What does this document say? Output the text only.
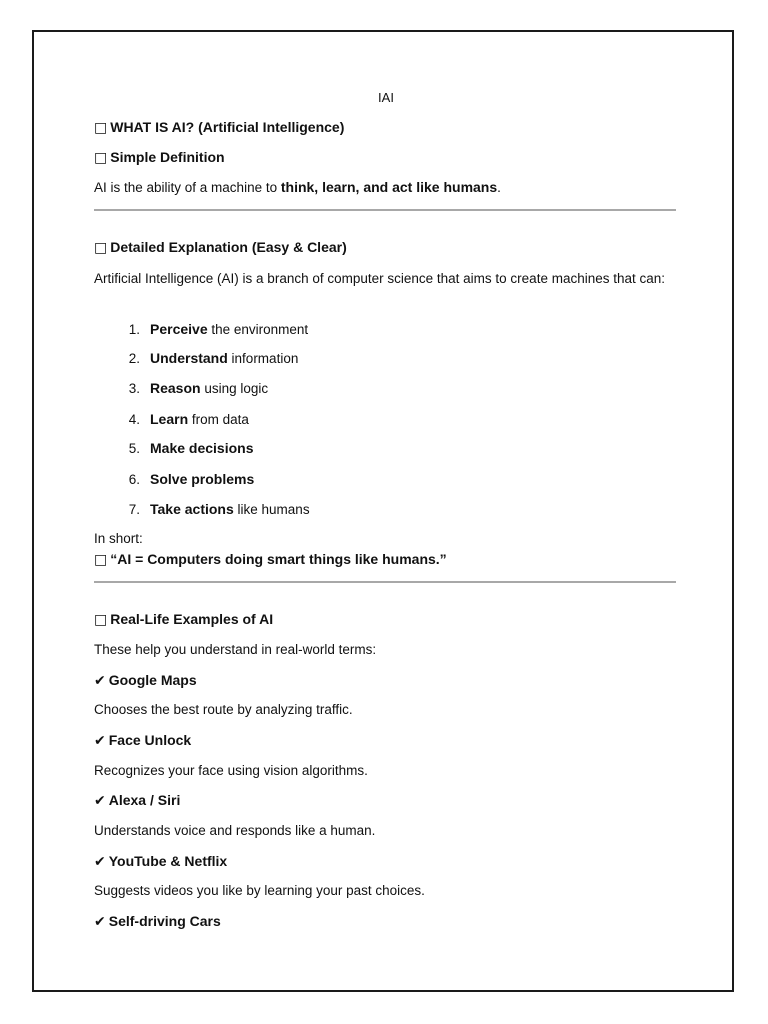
IAI
□ WHAT IS AI? (Artificial Intelligence)
□ Simple Definition
AI is the ability of a machine to think, learn, and act like humans.
□ Detailed Explanation (Easy & Clear)
Artificial Intelligence (AI) is a branch of computer science that aims to create machines that can:
1. Perceive the environment
2. Understand information
3. Reason using logic
4. Learn from data
5. Make decisions
6. Solve problems
7. Take actions like humans
In short:
□ “AI = Computers doing smart things like humans.”
□ Real-Life Examples of AI
These help you understand in real-world terms:
✔ Google Maps
Chooses the best route by analyzing traffic.
✔ Face Unlock
Recognizes your face using vision algorithms.
✔ Alexa / Siri
Understands voice and responds like a human.
✔ YouTube & Netflix
Suggests videos you like by learning your past choices.
✔ Self-driving Cars
